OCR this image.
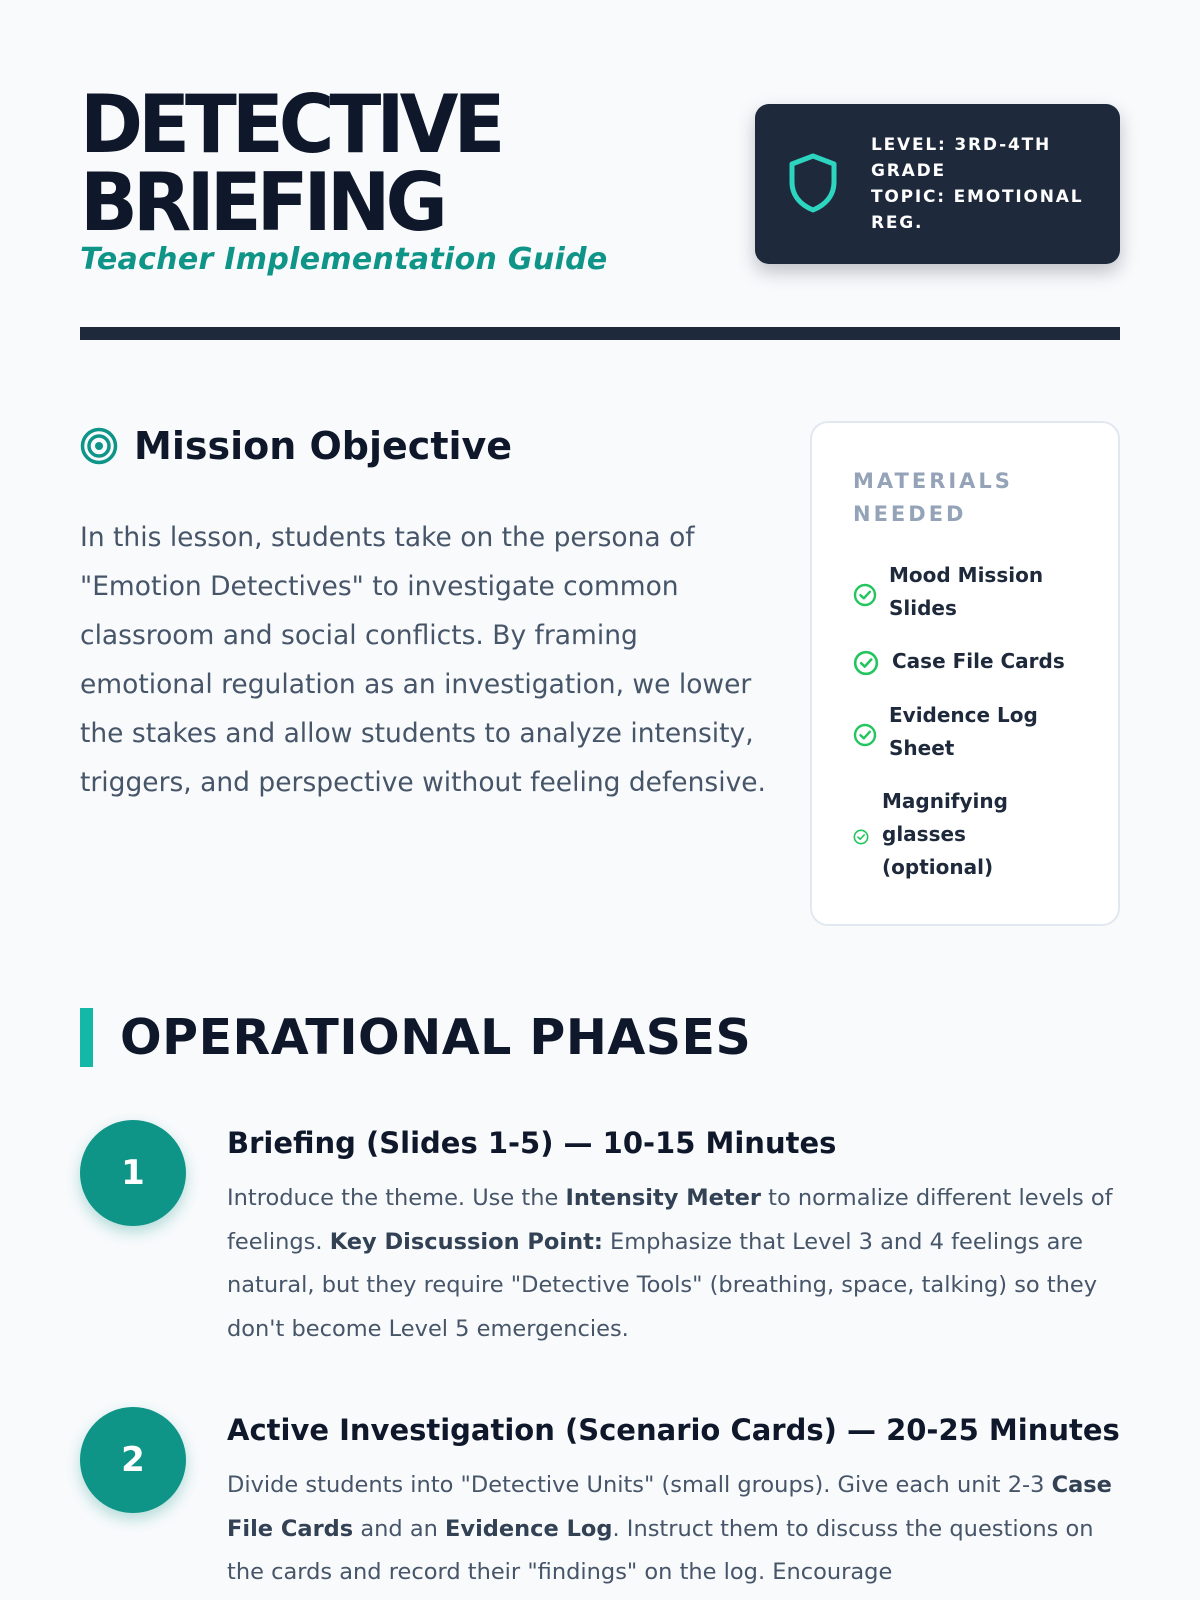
DETECTIVE
BRIEFING
Teacher Implementation Guide
LEVEL: 3RD-4TH
GRADE
TOPIC: EMOTIONAL
REG.
Mission Objective

In this lesson, students take on the persona of "Emotion Detectives" to investigate common classroom and social conflicts. By framing emotional regulation as an investigation, we lower the stakes and allow students to analyze intensity, triggers, and perspective without feeling defensive.

MATERIALS NEEDED
Mood Mission Slides
Case File Cards
Evidence Log Sheet
Magnifying glasses (optional)
OPERATIONAL PHASES
1
Briefing (Slides 1-5) — 10-15 Minutes

Introduce the theme. Use the Intensity Meter to normalize different levels of feelings. Key Discussion Point: Emphasize that Level 3 and 4 feelings are natural, but they require "Detective Tools" (breathing, space, talking) so they don't become Level 5 emergencies.

2
Active Investigation (Scenario Cards) — 20-25 Minutes

Divide students into "Detective Units" (small groups). Give each unit 2-3 Case File Cards and an Evidence Log. Instruct them to discuss the questions on the cards and record their "findings" on the log. Encourage
